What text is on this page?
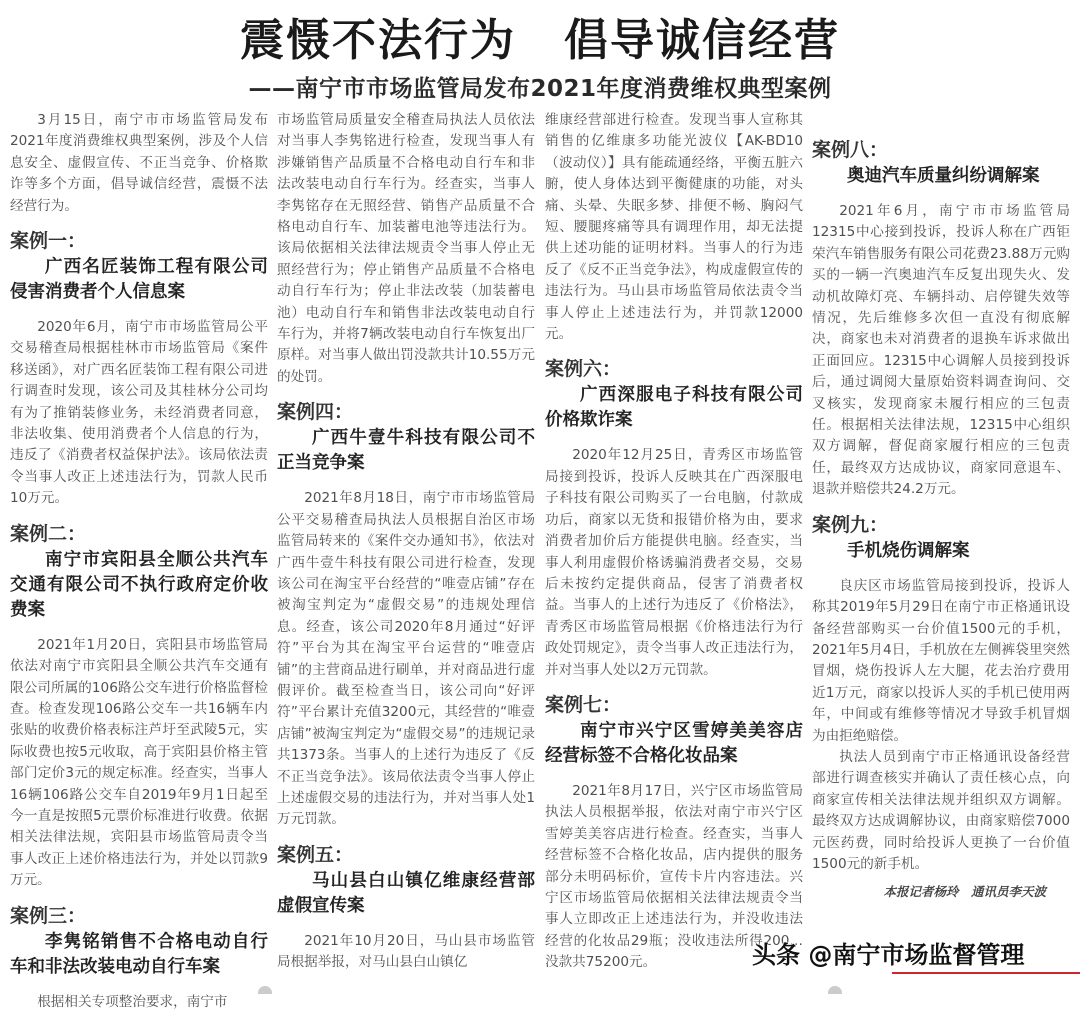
震慑不法行为 倡导诚信经营
——南宁市市场监管局发布2021年度消费维权典型案例

3月15日，南宁市市场监管局发布2021年度消费维权典型案例，涉及个人信息安全、虚假宣传、不正当竞争、价格欺诈等多个方面，倡导诚信经营，震慑不法经营行为。

案例一：
广西名匠装饰工程有限公司侵害消费者个人信息案

2020年6月，南宁市市场监管局公平交易稽查局根据桂林市市场监管局《案件移送函》，对广西名匠装饰工程有限公司进行调查时发现，该公司及其桂林分公司均有为了推销装修业务，未经消费者同意，非法收集、使用消费者个人信息的行为，违反了《消费者权益保护法》。该局依法责令当事人改正上述违法行为，罚款人民币10万元。

案例二：
南宁市宾阳县全顺公共汽车交通有限公司不执行政府定价收费案

2021年1月20日，宾阳县市场监管局依法对南宁市宾阳县全顺公共汽车交通有限公司所属的106路公交车进行价格监督检查。检查发现106路公交车一共16辆车内张贴的收费价格表标注芦圩至武陵5元，实际收费也按5元收取，高于宾阳县价格主管部门定价3元的规定标准。经查实，当事人16辆106路公交车自2019年9月1日起至今一直是按照5元票价标准进行收费。依据相关法律法规，宾阳县市场监管局责令当事人改正上述价格违法行为，并处以罚款9万元。

案例三：
李隽铭销售不合格电动自行车和非法改装电动自行车案

根据相关专项整治要求，南宁市

市场监管局质量安全稽查局执法人员依法对当事人李隽铭进行检查，发现当事人有涉嫌销售产品质量不合格电动自行车和非法改装电动自行车行为。经查实，当事人李隽铭存在无照经营、销售产品质量不合格电动自行车、加装蓄电池等违法行为。该局依据相关法律法规责令当事人停止无照经营行为；停止销售产品质量不合格电动自行车行为；停止非法改装（加装蓄电池）电动自行车和销售非法改装电动自行车行为，并将7辆改装电动自行车恢复出厂原样。对当事人做出罚没款共计10.55万元的处罚。

案例四：
广西牛壹牛科技有限公司不正当竞争案

2021年8月18日，南宁市市场监管局公平交易稽查局执法人员根据自治区市场监管局转来的《案件交办通知书》，依法对广西牛壹牛科技有限公司进行检查，发现该公司在淘宝平台经营的“唯壹店铺”存在被淘宝判定为“虚假交易”的违规处理信息。经查，该公司2020年8月通过“好评符”平台为其在淘宝平台运营的“唯壹店铺”的主营商品进行刷单，并对商品进行虚假评价。截至检查当日，该公司向“好评符”平台累计充值3200元，其经营的“唯壹店铺”被淘宝判定为“虚假交易”的违规记录共1373条。当事人的上述行为违反了《反不正当竞争法》。该局依法责令当事人停止上述虚假交易的违法行为，并对当事人处1万元罚款。

案例五：
马山县白山镇亿维康经营部虚假宣传案

2021年10月20日，马山县市场监管局根据举报，对马山县白山镇亿

维康经营部进行检查。发现当事人宣称其销售的亿维康多功能光波仪【AK-BD10（波动仪）】具有能疏通经络，平衡五脏六腑，使人身体达到平衡健康的功能，对头痛、头晕、失眠多梦、排便不畅、胸闷气短、腰腿疼痛等具有调理作用，却无法提供上述功能的证明材料。当事人的行为违反了《反不正当竞争法》，构成虚假宣传的违法行为。马山县市场监管局依法责令当事人停止上述违法行为，并罚款12000元。

案例六：
广西深服电子科技有限公司价格欺诈案

2020年12月25日，青秀区市场监管局接到投诉，投诉人反映其在广西深服电子科技有限公司购买了一台电脑，付款成功后，商家以无货和报错价格为由，要求消费者加价后方能提供电脑。经查实，当事人利用虚假价格诱骗消费者交易，交易后未按约定提供商品，侵害了消费者权益。当事人的上述行为违反了《价格法》，青秀区市场监管局根据《价格违法行为行政处罚规定》，责令当事人改正违法行为，并对当事人处以2万元罚款。

案例七：
南宁市兴宁区雪婷美美容店经营标签不合格化妆品案

2021年8月17日，兴宁区市场监管局执法人员根据举报，依法对南宁市兴宁区雪婷美美容店进行检查。经查实，当事人经营标签不合格化妆品，店内提供的服务部分未明码标价，宣传卡片内容违法。兴宁区市场监管局依据相关法律法规责令当事人立即改正上述违法行为，并没收违法经营的化妆品29瓶；没收违法所得200…没款共75200元。

案例八：
奥迪汽车质量纠纷调解案

2021年6月，南宁市市场监管局12315中心接到投诉，投诉人称在广西钜荣汽车销售服务有限公司花费23.88万元购买的一辆一汽奥迪汽车反复出现失火、发动机故障灯亮、车辆抖动、启停键失效等情况，先后维修多次但一直没有彻底解决，商家也未对消费者的退换车诉求做出正面回应。12315中心调解人员接到投诉后，通过调阅大量原始资料调查询问、交叉核实，发现商家未履行相应的三包责任。根据相关法律法规，12315中心组织双方调解，督促商家履行相应的三包责任，最终双方达成协议，商家同意退车、退款并赔偿共24.2万元。

案例九：
手机烧伤调解案

良庆区市场监管局接到投诉，投诉人称其2019年5月29日在南宁市正格通讯设备经营部购买一台价值1500元的手机，2021年5月4日，手机放在左侧裤袋里突然冒烟，烧伤投诉人左大腿，花去治疗费用近1万元，商家以投诉人买的手机已使用两年，中间或有维修等情况才导致手机冒烟为由拒绝赔偿。

执法人员到南宁市正格通讯设备经营部进行调查核实并确认了责任核心点，向商家宣传相关法律法规并组织双方调解。最终双方达成调解协议，由商家赔偿7000元医药费，同时给投诉人更换了一台价值1500元的新手机。

本报记者杨玲　通讯员李天波
头条 @南宁市场监督管理
